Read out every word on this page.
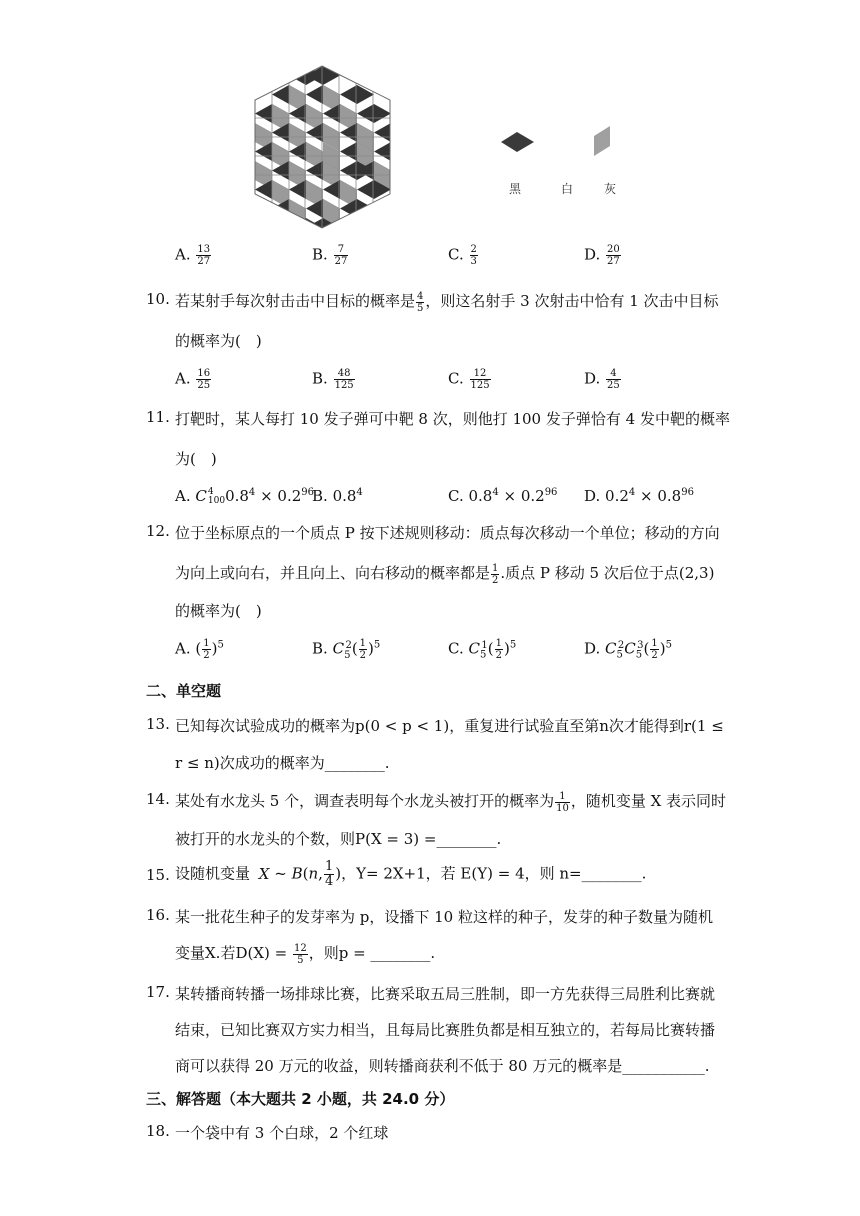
黑	白	灰
A. $\frac{13}{27}$	B. $\frac{7}{27}$	C. $\frac{2}{3}$	D. $\frac{20}{27}$
10. 若某射手每次射击击中目标的概率是 $\frac{4}{5}$ ，则这名射手 3 次射击中恰有 1 次击中目标
的概率为(　)
A. $\frac{16}{25}$	B. $\frac{48}{125}$	C. $\frac{12}{125}$	D. $\frac{4}{25}$
11. 打靶时，某人每打 10 发子弹可中靶 8 次，则他打 100 发子弹恰有 4 发中靶的概率
为(　)
A. C 4
100 $0.8^4 \times 0.2^{96}$
B. $0.8^4$	C. $0.8^4 \times 0.2^{96}$ D. $0.2^4 \times 0.8^{96}$
12. 位于坐标原点的一个质点 P 按下述规则移动：质点每次移动一个单位；移动的方向
为向上或向右，并且向上、向右移动的概率都是 $\frac{1}{2}$ .质点 P 移动 5 次后位于点(2,3)
的概率为(　)
A. ( $\frac{1}{2} )^5$	B. $C_5^2( \frac{1}{2} )^5$	C. $C_5^1( \frac{1}{2} )^5$	D. $C_5^2C_5^3( \frac{1}{2} )^5$
二、单空题
13. 已知每次试验成功的概率为p(0 < p < 1)，重复进行试验直至第n次才能得到r(1 ≤
r ≤ n)次成功的概率为________.
14. 某处有水龙头 5 个，调查表明每个水龙头被打开的概率为 $\frac{1}{10}$ ，随机变量 X 表示同时
被打开的水龙头的个数，则P(X = 3) =________.
15. 设随机变量 X ~ B(n, $\frac{1}{4}$ )，Y= 2X+1，若 E(Y) = 4，则 n=________.
16. 某一批花生种子的发芽率为 p，设播下 10 粒这样的种子，发芽的种子数量为随机
变量X.若$D(X) = \frac{12}{5}$ ，则p = ________.
17. 某转播商转播一场排球比赛，比赛采取五局三胜制，即一方先获得三局胜利比赛就
结束，已知比赛双方实力相当，且每局比赛胜负都是相互独立的，若每局比赛转播
商可以获得 20 万元的收益，则转播商获利不低于 80 万元的概率是___________.
三、解答题（本大题共 2 小题，共 24.0 分）
18. 一个袋中有 3 个白球，2 个红球
